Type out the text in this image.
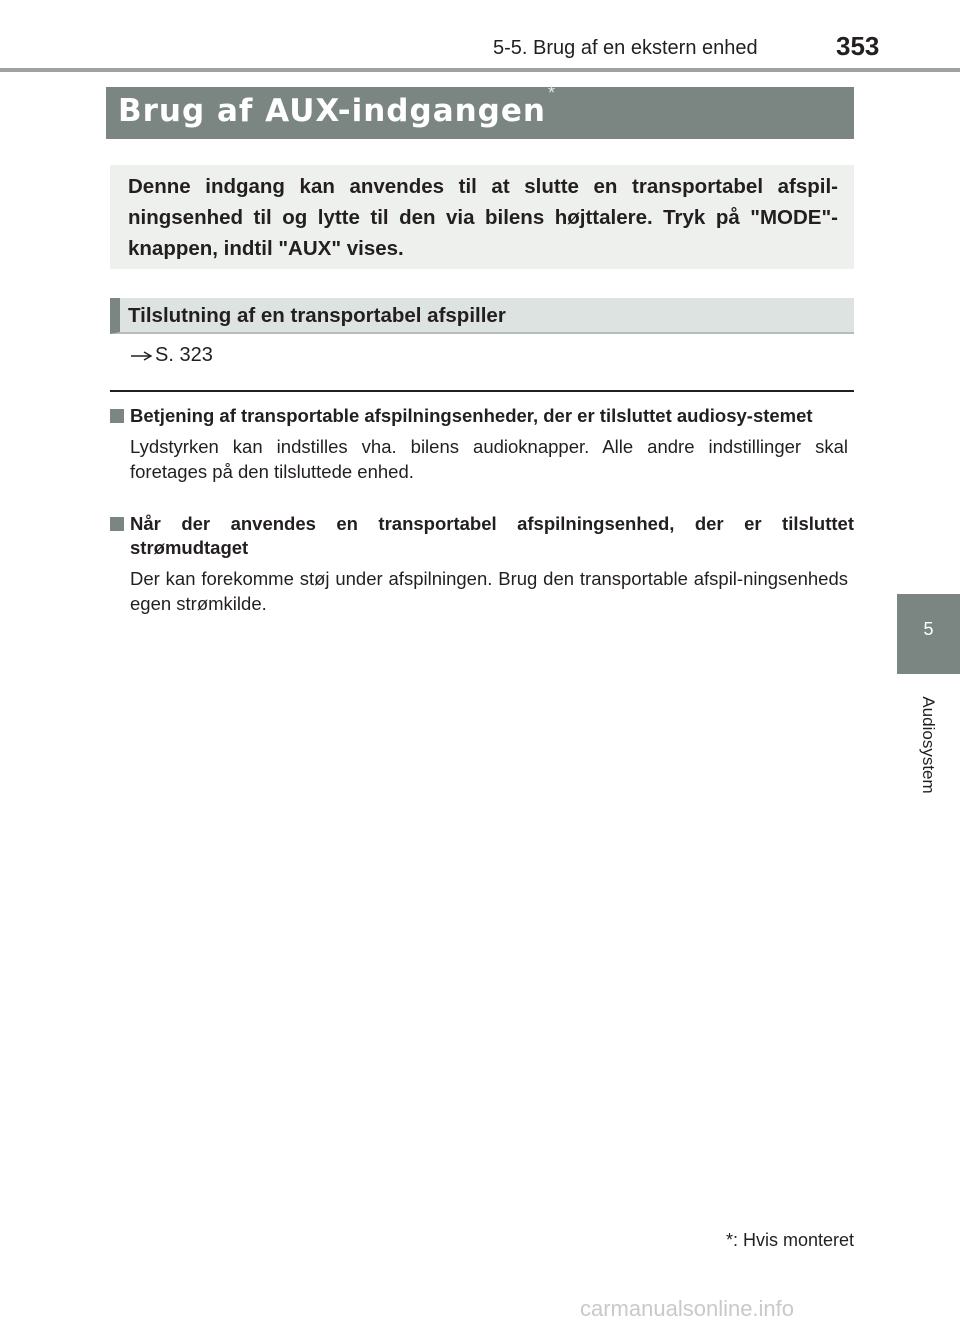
5-5. Brug af en ekstern enhed	353
Brug af AUX-indgangen *

Denne indgang kan anvendes til at slutte en transportabel afspil-ningsenhed til og lytte til den via bilens højttalere. Tryk på "MODE"-knappen, indtil "AUX" vises.

Tilslutning af en transportabel afspiller
S. 323

Betjening af transportable afspilningsenheder, der er tilsluttet audiosy-stemet

Lydstyrken kan indstilles vha. bilens audioknapper. Alle andre indstillinger skal foretages på den tilsluttede enhed.

Når der anvendes en transportabel afspilningsenhed, der er tilsluttet strømudtaget

Der kan forekomme støj under afspilningen. Brug den transportable afspil-ningsenheds egen strømkilde.

5
Audiosystem
*: Hvis monteret
carmanualsonline.info
